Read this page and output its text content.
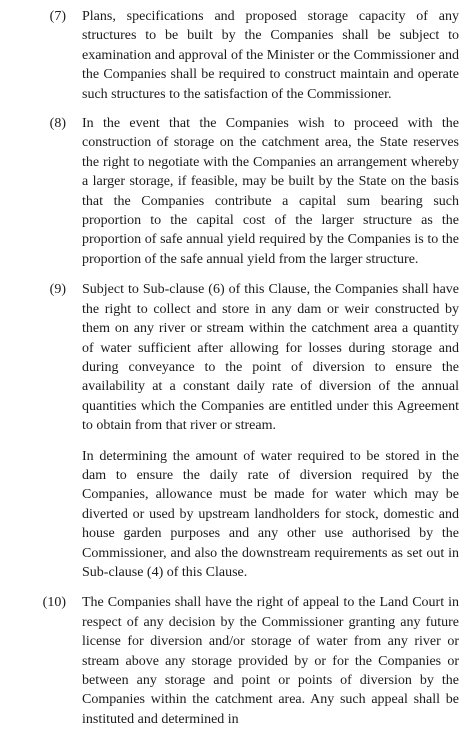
(7) Plans, specifications and proposed storage capacity of any structures to be built by the Companies shall be subject to examination and approval of the Minister or the Commissioner and the Companies shall be required to construct maintain and operate such structures to the satisfaction of the Commissioner.

(8) In the event that the Companies wish to proceed with the construction of storage on the catchment area, the State reserves the right to negotiate with the Companies an arrangement whereby a larger storage, if feasible, may be built by the State on the basis that the Companies contribute a capital sum bearing such proportion to the capital cost of the larger structure as the proportion of safe annual yield required by the Companies is to the proportion of the safe annual yield from the larger structure.

(9) Subject to Sub-clause (6) of this Clause, the Companies shall have the right to collect and store in any dam or weir constructed by them on any river or stream within the catchment area a quantity of water sufficient after allowing for losses during storage and during conveyance to the point of diversion to ensure the availability at a constant daily rate of diversion of the annual quantities which the Companies are entitled under this Agreement to obtain from that river or stream.

In determining the amount of water required to be stored in the dam to ensure the daily rate of diversion required by the Companies, allowance must be made for water which may be diverted or used by upstream landholders for stock, domestic and house garden purposes and any other use authorised by the Commissioner, and also the downstream requirements as set out in Sub-clause (4) of this Clause.

(10) The Companies shall have the right of appeal to the Land Court in respect of any decision by the Commissioner granting any future license for diversion and/or storage of water from any river or stream above any storage provided by or for the Companies or between any storage and point or points of diversion by the Companies within the catchment area. Any such appeal shall be instituted and determined in
